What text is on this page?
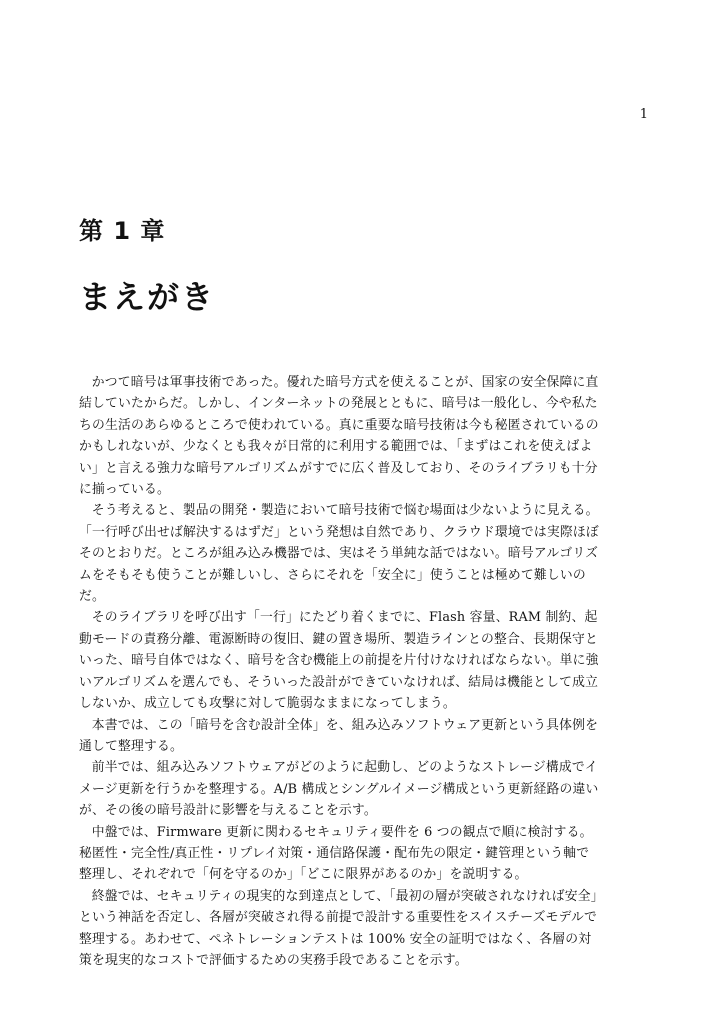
1
第 1 章
まえがき

かつて暗号は軍事技術であった。優れた暗号方式を使えることが、国家の安全保障に直結していたからだ。しかし、インターネットの発展とともに、暗号は一般化し、今や私たちの生活のあらゆるところで使われている。真に重要な暗号技術は今も秘匿されているのかもしれないが、少なくとも我々が日常的に利用する範囲では、「まずはこれを使えばよい」と言える強力な暗号アルゴリズムがすでに広く普及しており、そのライブラリも十分に揃っている。

そう考えると、製品の開発・製造において暗号技術で悩む場面は少ないように見える。「一行呼び出せば解決するはずだ」という発想は自然であり、クラウド環境では実際ほぼそのとおりだ。ところが組み込み機器では、実はそう単純な話ではない。暗号アルゴリズムをそもそも使うことが難しいし、さらにそれを「安全に」使うことは極めて難しいのだ。

そのライブラリを呼び出す「一行」にたどり着くまでに、Flash 容量、RAM 制約、起動モードの責務分離、電源断時の復旧、鍵の置き場所、製造ラインとの整合、長期保守といった、暗号自体ではなく、暗号を含む機能上の前提を片付けなければならない。単に強いアルゴリズムを選んでも、そういった設計ができていなければ、結局は機能として成立しないか、成立しても攻撃に対して脆弱なままになってしまう。

本書では、この「暗号を含む設計全体」を、組み込みソフトウェア更新という具体例を通して整理する。

前半では、組み込みソフトウェアがどのように起動し、どのようなストレージ構成でイメージ更新を行うかを整理する。A/B 構成とシングルイメージ構成という更新経路の違いが、その後の暗号設計に影響を与えることを示す。

中盤では、Firmware 更新に関わるセキュリティ要件を 6 つの観点で順に検討する。秘匿性・完全性/真正性・リプレイ対策・通信路保護・配布先の限定・鍵管理という軸で整理し、それぞれで「何を守るのか」「どこに限界があるのか」を説明する。

終盤では、セキュリティの現実的な到達点として、「最初の層が突破されなければ安全」という神話を否定し、各層が突破され得る前提で設計する重要性をスイスチーズモデルで整理する。あわせて、ペネトレーションテストは 100% 安全の証明ではなく、各層の対策を現実的なコストで評価するための実務手段であることを示す。
